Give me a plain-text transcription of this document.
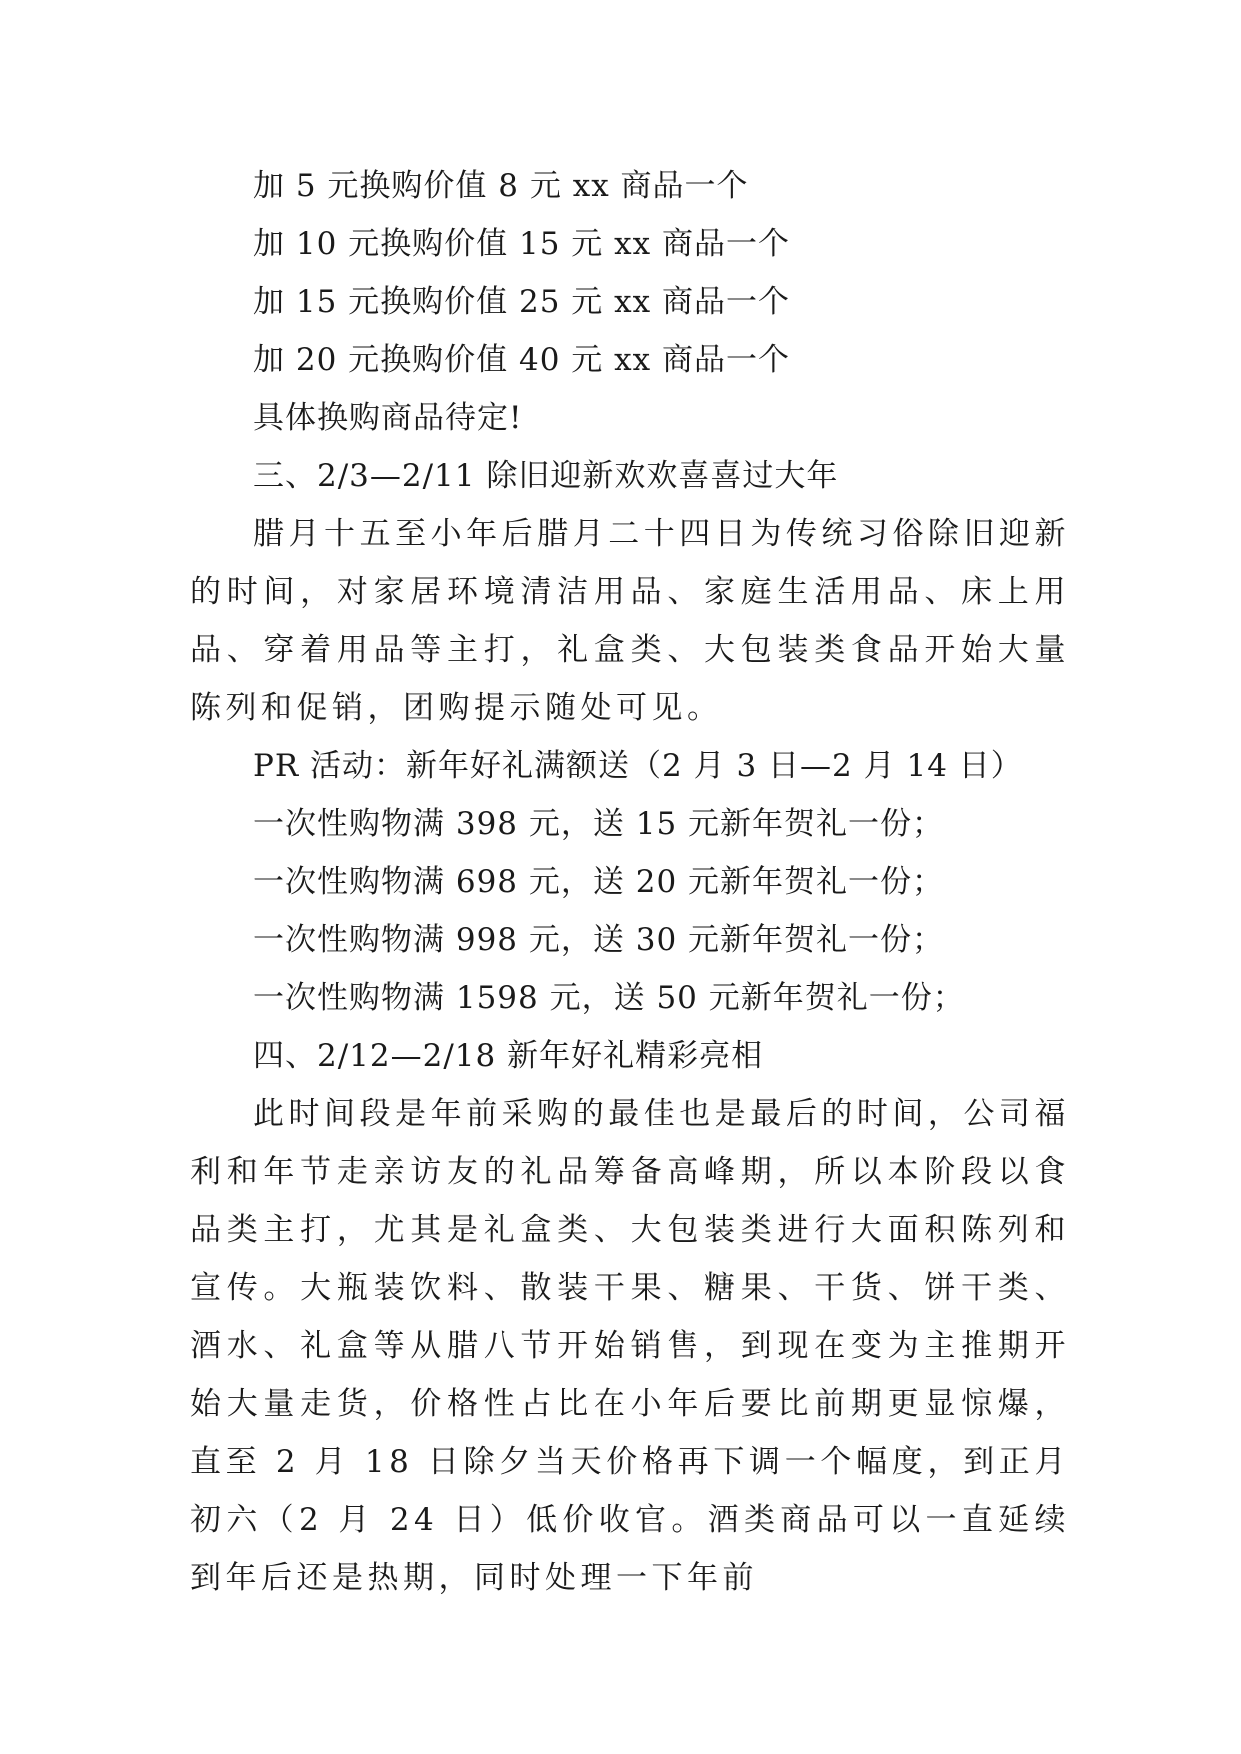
加 5 元换购价值 8 元 xx 商品一个
加 10 元换购价值 15 元 xx 商品一个
加 15 元换购价值 25 元 xx 商品一个
加 20 元换购价值 40 元 xx 商品一个
具体换购商品待定!
三、2/3—2/11 除旧迎新欢欢喜喜过大年
腊月十五至小年后腊月二十四日为传统习俗除旧迎新的时间，对家居环境清洁用品、家庭生活用品、床上用品、穿着用品等主打，礼盒类、大包装类食品开始大量陈列和促销，团购提示随处可见。
PR 活动：新年好礼满额送（2 月 3 日—2 月 14 日）
一次性购物满 398 元，送 15 元新年贺礼一份；
一次性购物满 698 元，送 20 元新年贺礼一份；
一次性购物满 998 元，送 30 元新年贺礼一份；
一次性购物满 1598 元，送 50 元新年贺礼一份；
四、2/12—2/18 新年好礼精彩亮相
此时间段是年前采购的最佳也是最后的时间，公司福利和年节走亲访友的礼品筹备高峰期，所以本阶段以食品类主打，尤其是礼盒类、大包装类进行大面积陈列和宣传。大瓶装饮料、散装干果、糖果、干货、饼干类、酒水、礼盒等从腊八节开始销售，到现在变为主推期开始大量走货，价格性占比在小年后要比前期更显惊爆，直至 2 月 18 日除夕当天价格再下调一个幅度，到正月初六（2 月 24 日）低价收官。酒类商品可以一直延续到年后还是热期，同时处理一下年前
